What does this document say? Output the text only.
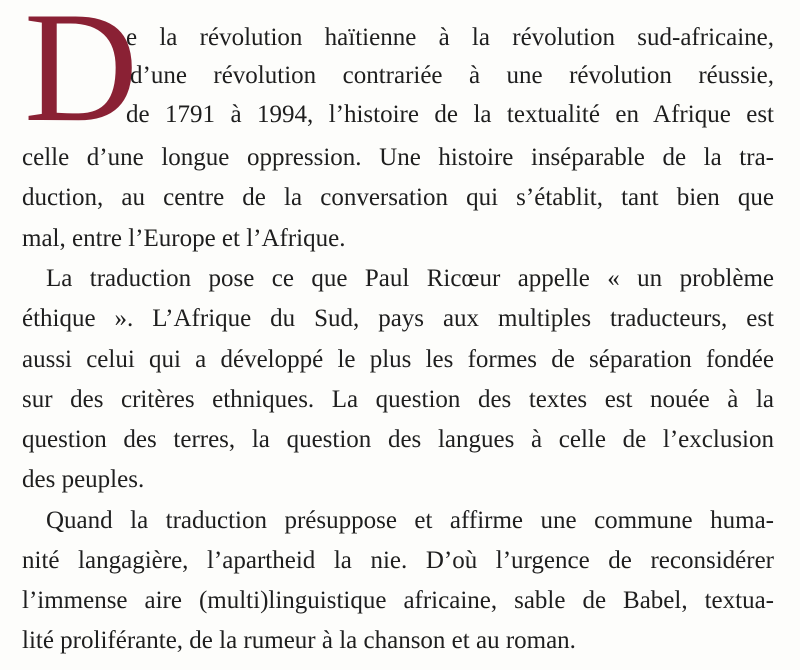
D
e la révolution haïtienne à la révolution sud-africaine,
d’une révolution contrariée à une révolution réussie,
de 1791 à 1994, l’histoire de la textualité en Afrique est
celle d’une longue oppression. Une histoire inséparable de la tra-
duction, au centre de la conversation qui s’établit, tant bien que
mal, entre l’Europe et l’Afrique.
La traduction pose ce que Paul Ricœur appelle « un problème
éthique ». L’Afrique du Sud, pays aux multiples traducteurs, est
aussi celui qui a développé le plus les formes de séparation fondée
sur des critères ethniques. La question des textes est nouée à la
question des terres, la question des langues à celle de l’exclusion
des peuples.
Quand la traduction présuppose et affirme une commune huma-
nité langagière, l’apartheid la nie. D’où l’urgence de reconsidérer
l’immense aire (multi)linguistique africaine, sable de Babel, textua-
lité proliférante, de la rumeur à la chanson et au roman.
